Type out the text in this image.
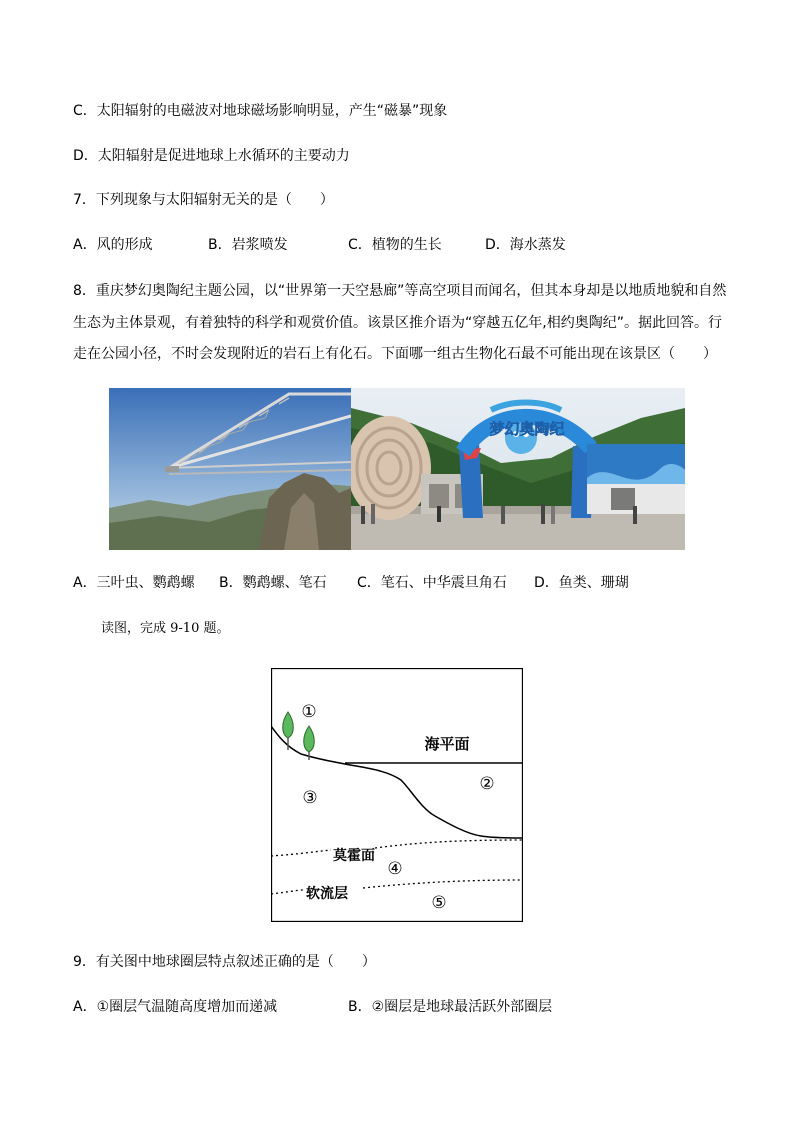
C．太阳辐射的电磁波对地球磁场影响明显，产生“磁暴”现象
D．太阳辐射是促进地球上水循环的主要动力
7．下列现象与太阳辐射无关的是（　　）
A．风的形成	B．岩浆喷发	C．植物的生长	D．海水蒸发
8．重庆梦幻奥陶纪主题公园，以“世界第一天空悬廊”等高空项目而闻名，但其本身却是以地质地貌和自然
生态为主体景观，有着独特的科学和观赏价值。该景区推介语为“穿越五亿年,相约奥陶纪”。据此回答。行
走在公园小径，不时会发现附近的岩石上有化石。下面哪一组古生物化石最不可能出现在该景区（　　）
梦幻奥陶纪
A．三叶虫、鹦鹉螺 B．鹦鹉螺、笔石 C．笔石、中华震旦角石 D．鱼类、珊瑚
读图，完成 9-10 题。
海平面
莫霍面
软流层
①
②
③
④
⑤
9．有关图中地球圈层特点叙述正确的是（　　）
A．①圈层气温随高度增加而递减	B．②圈层是地球最活跃外部圈层
